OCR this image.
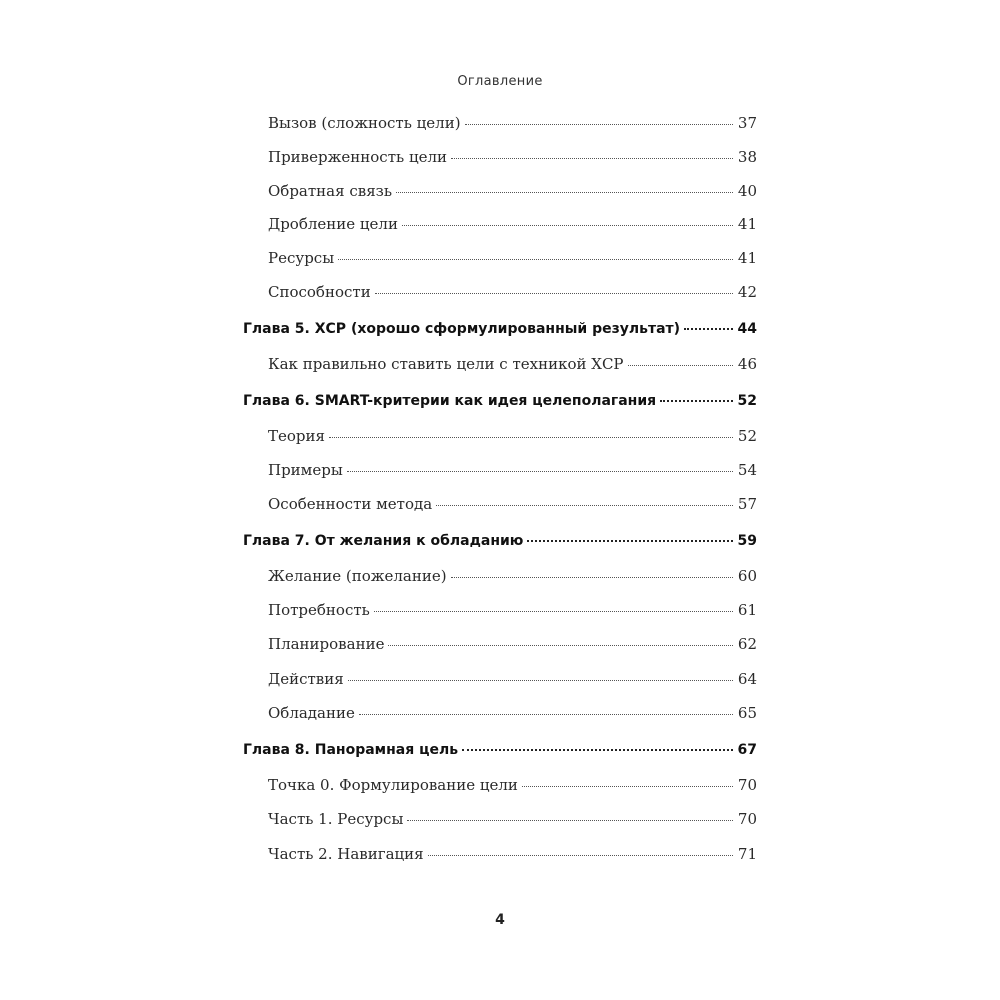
Оглавление
Вызов (сложность цели)	37
Приверженность цели	38
Обратная связь	40
Дробление цели	41
Ресурсы	41
Способности	42
Глава 5. ХСР (хорошо сформулированный результат)	44
Как правильно ставить цели с техникой ХСР	46
Глава 6. SMART-критерии как идея целеполагания	52
Теория	52
Примеры	54
Особенности метода	57
Глава 7. От желания к обладанию	59
Желание (пожелание)	60
Потребность	61
Планирование	62
Действия	64
Обладание	65
Глава 8. Панорамная цель	67
Точка 0. Формулирование цели	70
Часть 1. Ресурсы	70
Часть 2. Навигация	71
4
